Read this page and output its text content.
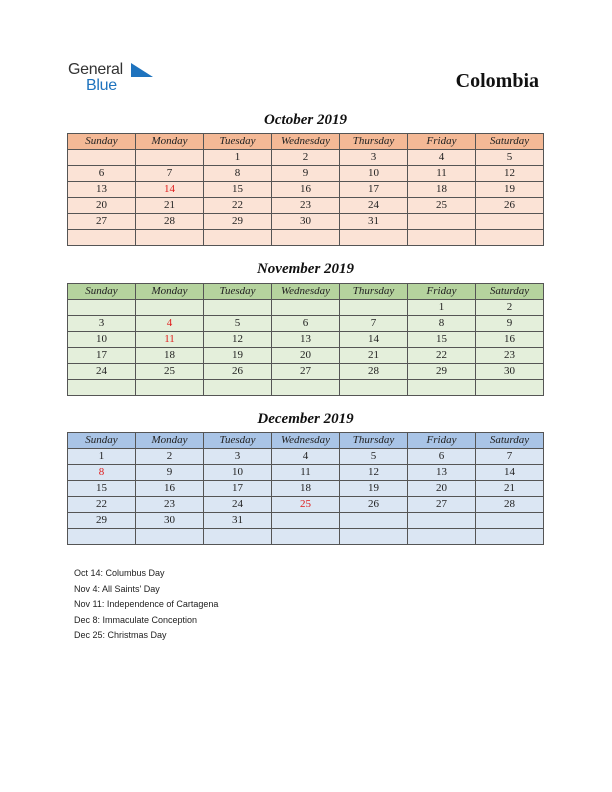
General
Blue	Colombia
October 2019
Sunday	Monday	Tuesday	Wednesday	Thursday	Friday	Saturday
		1	2	3	4	5
6	7	8	9	10	11	12
13	14	15	16	17	18	19
20	21	22	23	24	25	26
27	28	29	30	31		

November 2019
Sunday	Monday	Tuesday	Wednesday	Thursday	Friday	Saturday
					1	2
3	4	5	6	7	8	9
10	11	12	13	14	15	16
17	18	19	20	21	22	23
24	25	26	27	28	29	30

December 2019
Sunday	Monday	Tuesday	Wednesday	Thursday	Friday	Saturday
1	2	3	4	5	6	7
8	9	10	11	12	13	14
15	16	17	18	19	20	21
22	23	24	25	26	27	28
29	30	31				

Oct 14: Columbus Day
Nov 4: All Saints' Day
Nov 11: Independence of Cartagena
Dec 8: Immaculate Conception
Dec 25: Christmas Day
